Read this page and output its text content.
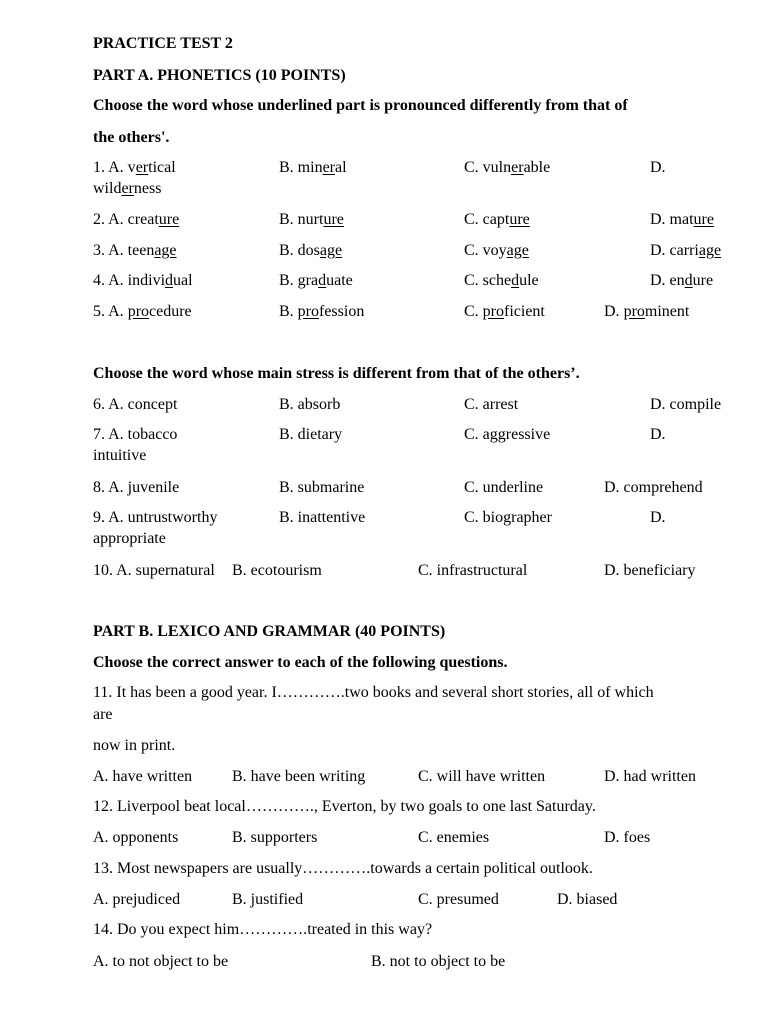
PRACTICE TEST 2
PART A. PHONETICS (10 POINTS)
Choose the word whose underlined part is pronounced differently from that of
the others'.
1. A. vertical	B. mineral	C. vulnerable	D.
wilderness
2. A. creature	B. nurture	C. capture	D. mature
3. A. teenage	B. dosage	C. voyage	D. carriage
4. A. individual	B. graduate	C. schedule	D. endure
5. A. procedure	B. profession	C. proficient	D. prominent
Choose the word whose main stress is different from that of the others’.
6. A. concept	B. absorb	C. arrest	D. compile
7. A. tobacco	B. dietary	C. aggressive	D.
intuitive
8. A. juvenile	B. submarine	C. underline	D. comprehend
9. A. untrustworthy	B. inattentive	C. biographer	D.
appropriate
10. A. supernatural B. ecotourism	C. infrastructural	D. beneficiary
PART B. LEXICO AND GRAMMAR (40 POINTS)
Choose the correct answer to each of the following questions.
11. It has been a good year. I………….two books and several short stories, all of which
are
now in print.
A. have written B. have been writing	C. will have written	D. had written
12. Liverpool beat local…………., Everton, by two goals to one last Saturday.
A. opponents	B. supporters	C. enemies	D. foes
13. Most newspapers are usually………….towards a certain political outlook.
A. prejudiced	B. justified	C. presumed	D. biased
14. Do you expect him………….treated in this way?
A. to not object to be	B. not to object to be
